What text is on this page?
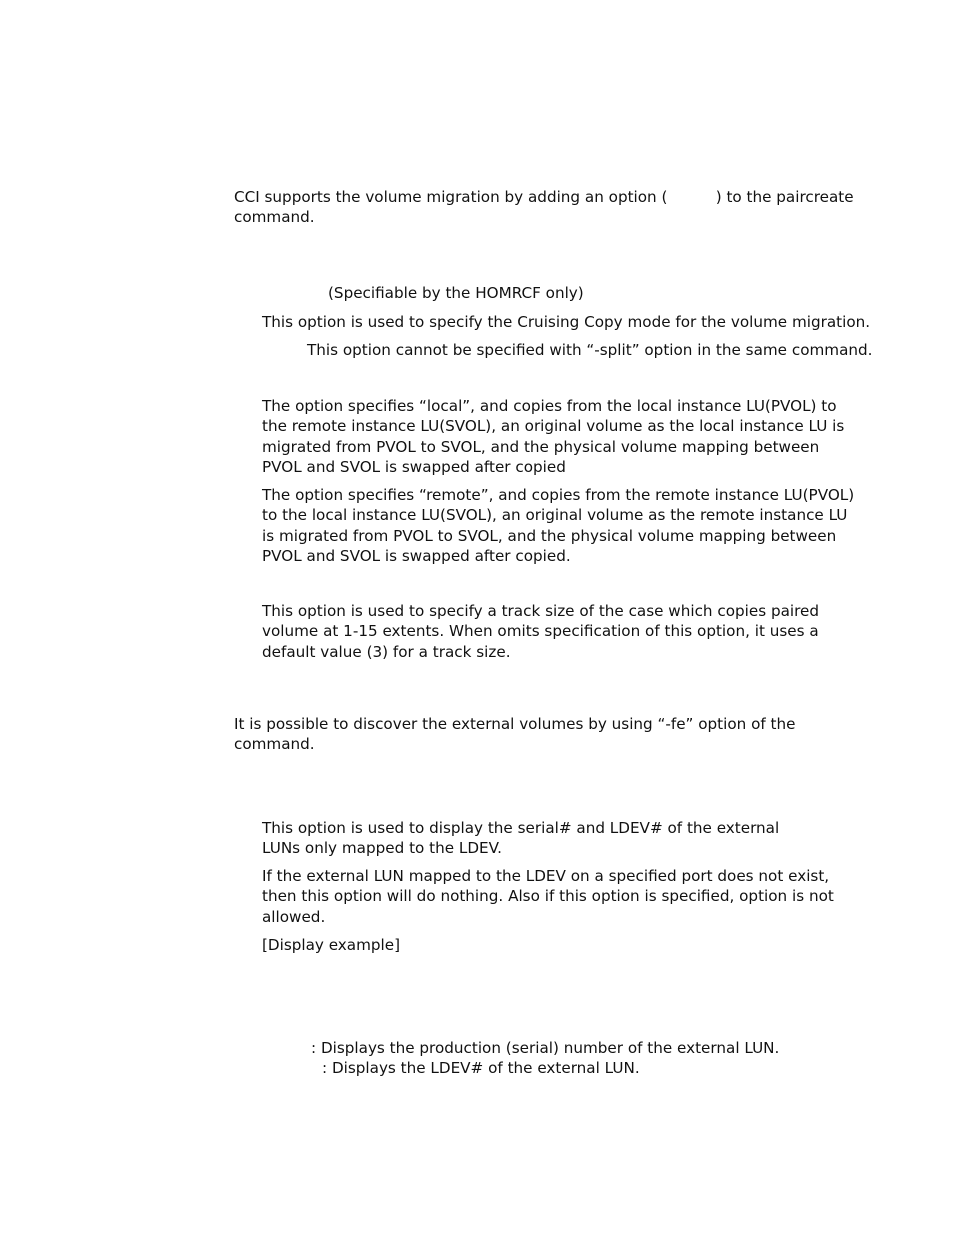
CCI supports the volume migration by adding an option (          ) to the paircreate

command.

(Specifiable by the HOMRCF only)

This option is used to specify the Cruising Copy mode for the volume migration.

This option cannot be specified with “-split” option in the same command.

The option specifies “local”, and copies from the local instance LU(PVOL) to the remote instance LU(SVOL), an original volume as the local instance LU is migrated from PVOL to SVOL, and the physical volume mapping between PVOL and SVOL is swapped after copied

The option specifies “remote”, and copies from the remote instance LU(PVOL) to the local instance LU(SVOL), an original volume as the remote instance LU is migrated from PVOL to SVOL, and the physical volume mapping between PVOL and SVOL is swapped after copied.

This option is used to specify a track size of the case which copies paired volume at 1-15 extents. When omits specification of this option, it uses a default value (3) for a track size.

It is possible to discover the external volumes by using “-fe” option of the

command.

This option is used to display the serial# and LDEV# of the external LUNs only mapped to the LDEV.

If the external LUN mapped to the LDEV on a specified port does not exist, then this option will do nothing. Also if this option is specified, option is not allowed.

[Display example]

: Displays the production (serial) number of the external LUN.

: Displays the LDEV# of the external LUN.
